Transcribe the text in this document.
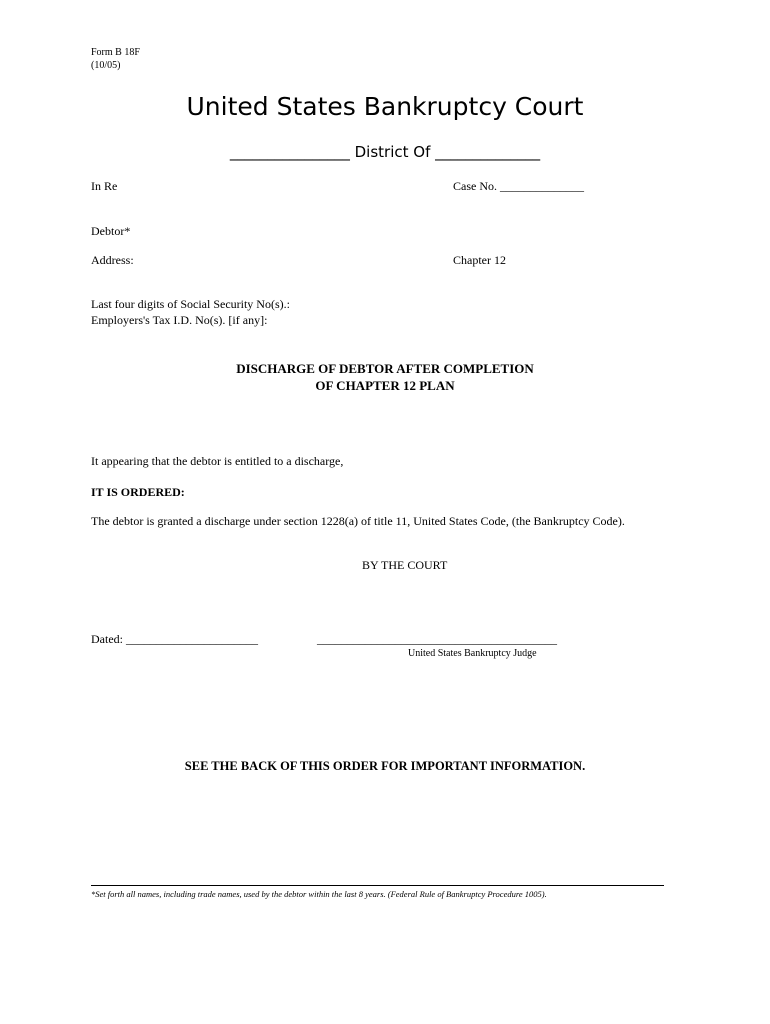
Form B 18F
(10/05)
United States Bankruptcy Court
________________ District Of ______________
In Re	Case No. ______________
Debtor*
Address:	Chapter 12
Last four digits of Social Security No(s).:
Employers's Tax I.D. No(s). [if any]:
DISCHARGE OF DEBTOR AFTER COMPLETION
OF CHAPTER 12 PLAN
It appearing that the debtor is entitled to a discharge,
IT IS ORDERED:
The debtor is granted a discharge under section 1228(a) of title 11, United States Code, (the Bankruptcy Code).
BY THE COURT
Dated: ______________________	________________________________________
United States Bankruptcy Judge
SEE THE BACK OF THIS ORDER FOR IMPORTANT INFORMATION.
*Set forth all names, including trade names, used by the debtor within the last 8 years. (Federal Rule of Bankruptcy Procedure 1005).
